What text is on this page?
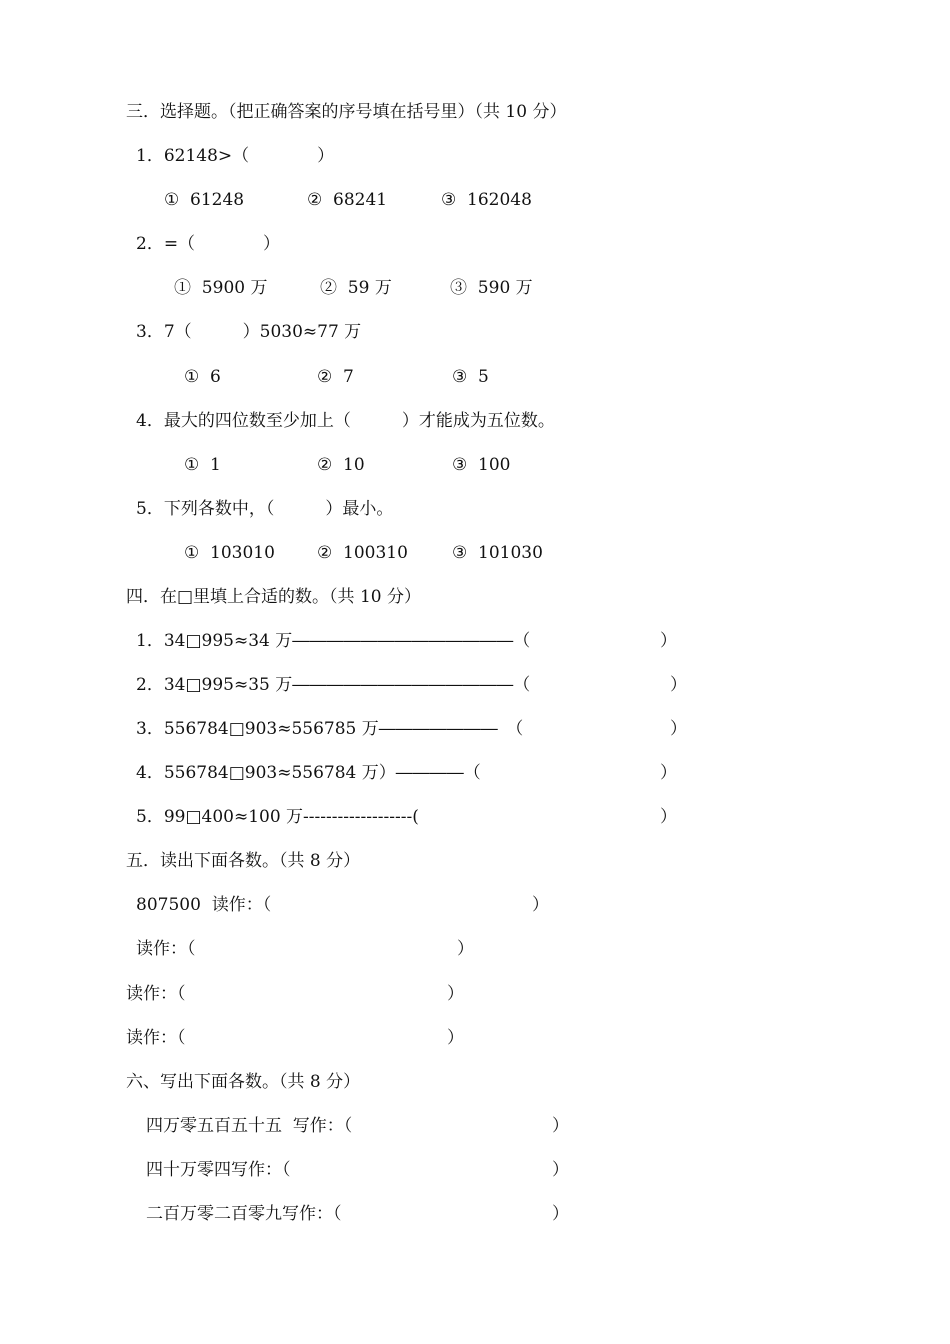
三．选择题。（把正确答案的序号填在括号里）（共 10 分）
1．62148>（　　　　）
①  61248	②  68241	③  162048
2．=（　　　　）
①  5900 万	②  59 万	③  590 万
3．7（　　　）5030≈77 万
①  6	②  7	③  5
4．最大的四位数至少加上（　　　）才能成为五位数。
①  1	②  10	③  100
5．下列各数中，（　　　）最小。
①  103010 ②  100310	③  101030
四．在□里填上合适的数。（共 10 分）
1．34□995≈34 万―――――――――――――（	）
2．34□995≈35 万―――――――――――――（	）
3．556784□903≈556785 万―――――――　（	）
4．556784□903≈556784 万）――――（	）
5．99□400≈100 万-------------------(	）
五．读出下面各数。（共 8 分）
807500  读作：（	）
读作：（	）
读作：（	）
读作：（	）
六、写出下面各数。（共 8 分）
四万零五百五十五  写作：（	）
四十万零四写作：（	）
二百万零二百零九写作：（	）
